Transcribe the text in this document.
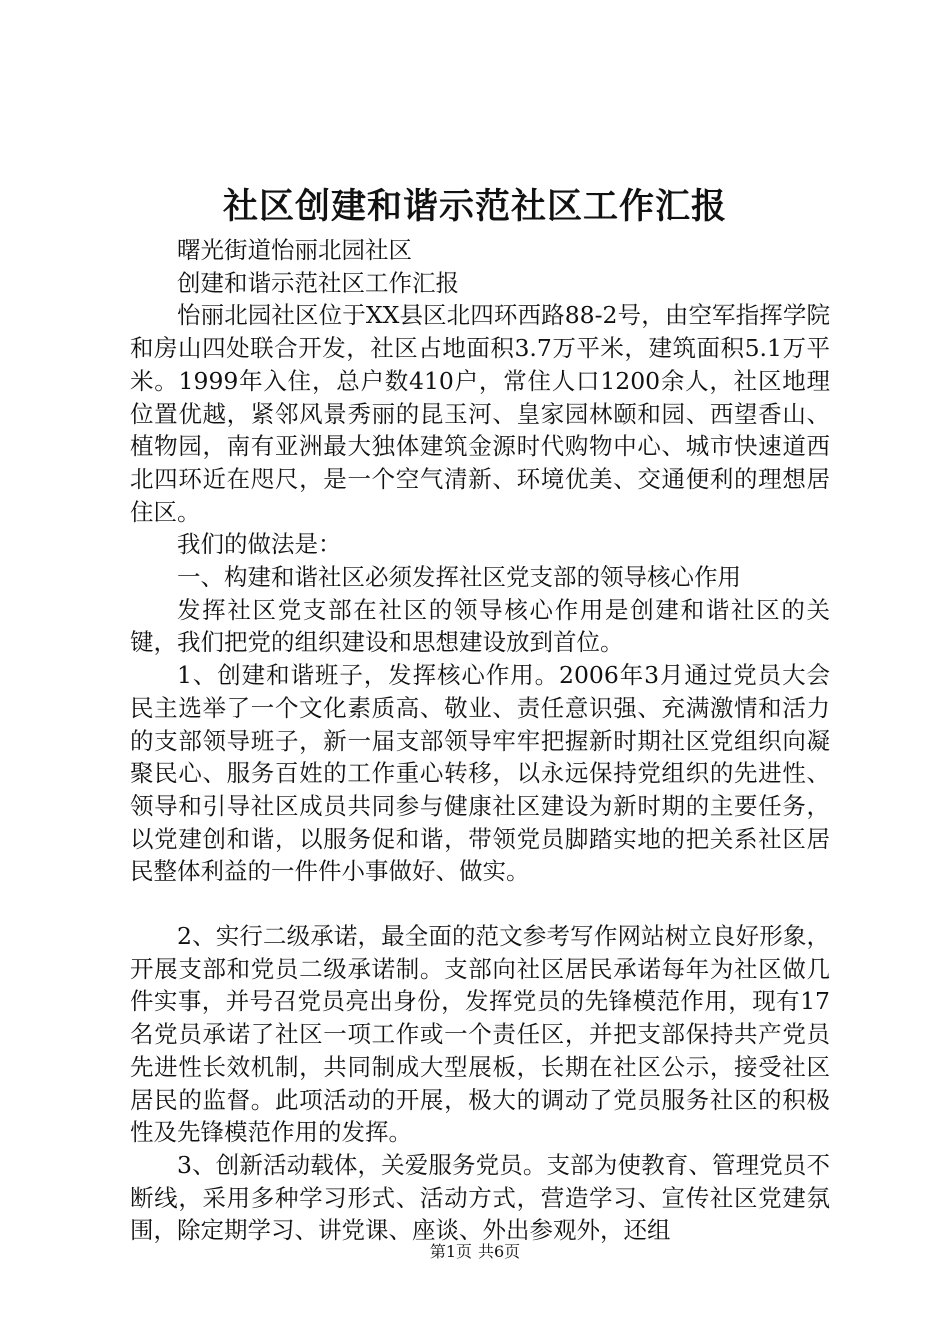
社区创建和谐示范社区工作汇报

曙光街道怡丽北园社区

创建和谐示范社区工作汇报

怡丽北园社区位于XX县区北四环西路88-2号，由空军指挥学院和房山四处联合开发，社区占地面积3.7万平米，建筑面积5.1万平米。1999年入住，总户数410户，常住人口1200余人，社区地理位置优越，紧邻风景秀丽的昆玉河、皇家园林颐和园、西望香山、植物园，南有亚洲最大独体建筑金源时代购物中心、城市快速道西北四环近在咫尺，是一个空气清新、环境优美、交通便利的理想居住区。

我们的做法是：

一、构建和谐社区必须发挥社区党支部的领导核心作用

发挥社区党支部在社区的领导核心作用是创建和谐社区的关键，我们把党的组织建设和思想建设放到首位。

1、创建和谐班子，发挥核心作用。2006年3月通过党员大会民主选举了一个文化素质高、敬业、责任意识强、充满激情和活力的支部领导班子，新一届支部领导牢牢把握新时期社区党组织向凝聚民心、服务百姓的工作重心转移，以永远保持党组织的先进性、领导和引导社区成员共同参与健康社区建设为新时期的主要任务，以党建创和谐，以服务促和谐，带领党员脚踏实地的把关系社区居民整体利益的一件件小事做好、做实。

2、实行二级承诺，最全面的范文参考写作网站树立良好形象，开展支部和党员二级承诺制。支部向社区居民承诺每年为社区做几件实事，并号召党员亮出身份，发挥党员的先锋模范作用，现有17名党员承诺了社区一项工作或一个责任区，并把支部保持共产党员先进性长效机制，共同制成大型展板，长期在社区公示，接受社区居民的监督。此项活动的开展，极大的调动了党员服务社区的积极性及先锋模范作用的发挥。

3、创新活动载体，关爱服务党员。支部为使教育、管理党员不断线，采用多种学习形式、活动方式，营造学习、宣传社区党建氛围，除定期学习、讲党课、座谈、外出参观外，还组

第1页 共6页
